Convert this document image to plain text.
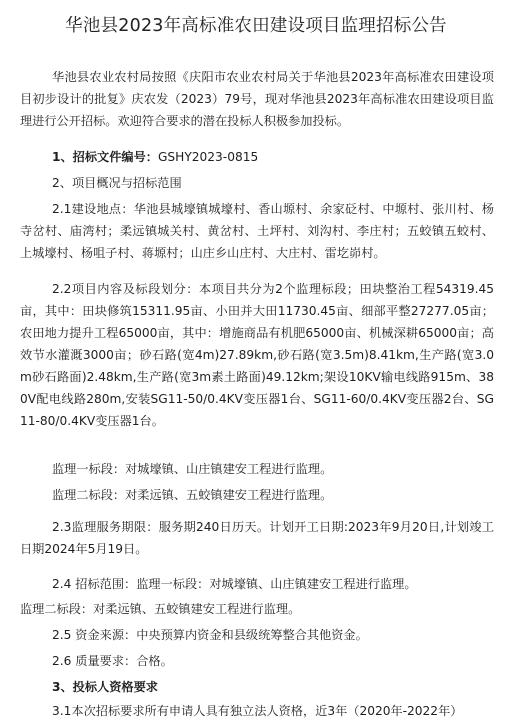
华池县2023年高标准农田建设项目监理招标公告
华池县农业农村局按照《庆阳市农业农村局关于华池县2023年高标准农田建设项目初步设计的批复》庆农发（2023）79号，现对华池县2023年高标准农田建设项目监理进行公开招标。欢迎符合要求的潜在投标人积极参加投标。
1、招标文件编号：GSHY2023-0815
2、项目概况与招标范围
2.1建设地点：华池县城壕镇城壕村、香山塬村、余家砭村、中塬村、张川村、杨寺岔村、庙湾村；柔远镇城关村、黄岔村、土坪村、刘沟村、李庄村；五蛟镇五蛟村、上城壕村、杨咀子村、蒋塬村；山庄乡山庄村、大庄村、雷圪峁村。
2.2项目内容及标段划分：本项目共分为2个监理标段；田块整治工程54319.45亩，其中：田块修筑15311.95亩、小田并大田11730.45亩、细部平整27277.05亩；农田地力提升工程65000亩，其中：增施商品有机肥65000亩、机械深耕65000亩；高效节水灌溉3000亩；砂石路(宽4m)27.89km,砂石路(宽3.5m)8.41km,生产路(宽3.0m砂石路面)2.48km,生产路(宽3m素土路面)49.12km;架设10KV输电线路915m、380V配电线路280m,安装SG11-50/0.4KV变压器1台、SG11-60/0.4KV变压器2台、SG11-80/0.4KV变压器1台。
监理一标段：对城壕镇、山庄镇建安工程进行监理。
监理二标段：对柔远镇、五蛟镇建安工程进行监理。
2.3监理服务期限：服务期240日历天。计划开工日期:2023年9月20日,计划竣工日期2024年5月19日。
2.4 招标范围：监理一标段：对城壕镇、山庄镇建安工程进行监理。
监理二标段：对柔远镇、五蛟镇建安工程进行监理。
2.5 资金来源：中央预算内资金和县级统筹整合其他资金。
2.6 质量要求：合格。
3、投标人资格要求
3.1本次招标要求所有申请人具有独立法人资格，近3年（2020年-2022年）
